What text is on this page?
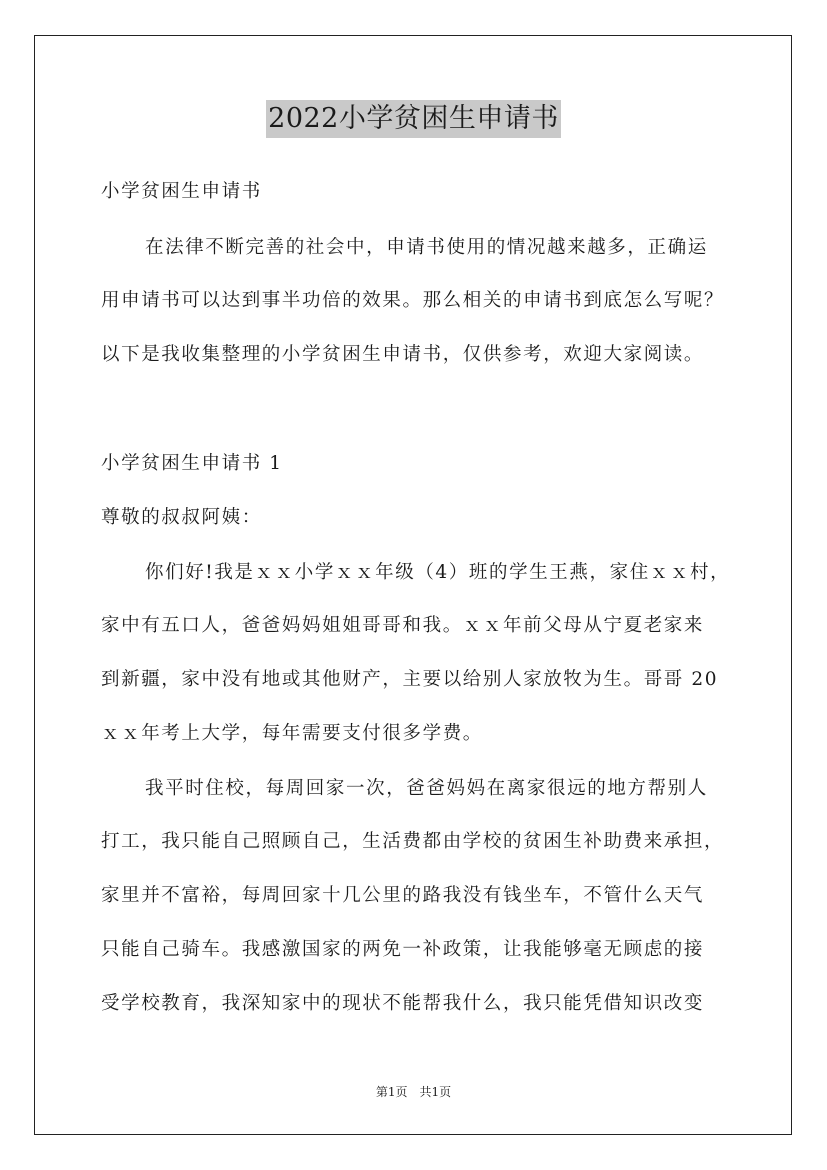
2022小学贫困生申请书
小学贫困生申请书
在法律不断完善的社会中，申请书使用的情况越来越多，正确运
用申请书可以达到事半功倍的效果。那么相关的申请书到底怎么写呢？
以下是我收集整理的小学贫困生申请书，仅供参考，欢迎大家阅读。
小学贫困生申请书 1
尊敬的叔叔阿姨：
你们好!我是ｘｘ小学ｘｘ年级（4）班的学生王燕，家住ｘｘ村，
家中有五口人，爸爸妈妈姐姐哥哥和我。ｘｘ年前父母从宁夏老家来
到新疆，家中没有地或其他财产，主要以给别人家放牧为生。哥哥 20
ｘｘ年考上大学，每年需要支付很多学费。
我平时住校，每周回家一次，爸爸妈妈在离家很远的地方帮别人
打工，我只能自己照顾自己，生活费都由学校的贫困生补助费来承担，
家里并不富裕，每周回家十几公里的路我没有钱坐车，不管什么天气
只能自己骑车。我感激国家的两免一补政策，让我能够毫无顾虑的接
受学校教育，我深知家中的现状不能帮我什么，我只能凭借知识改变
第1页　共1页
